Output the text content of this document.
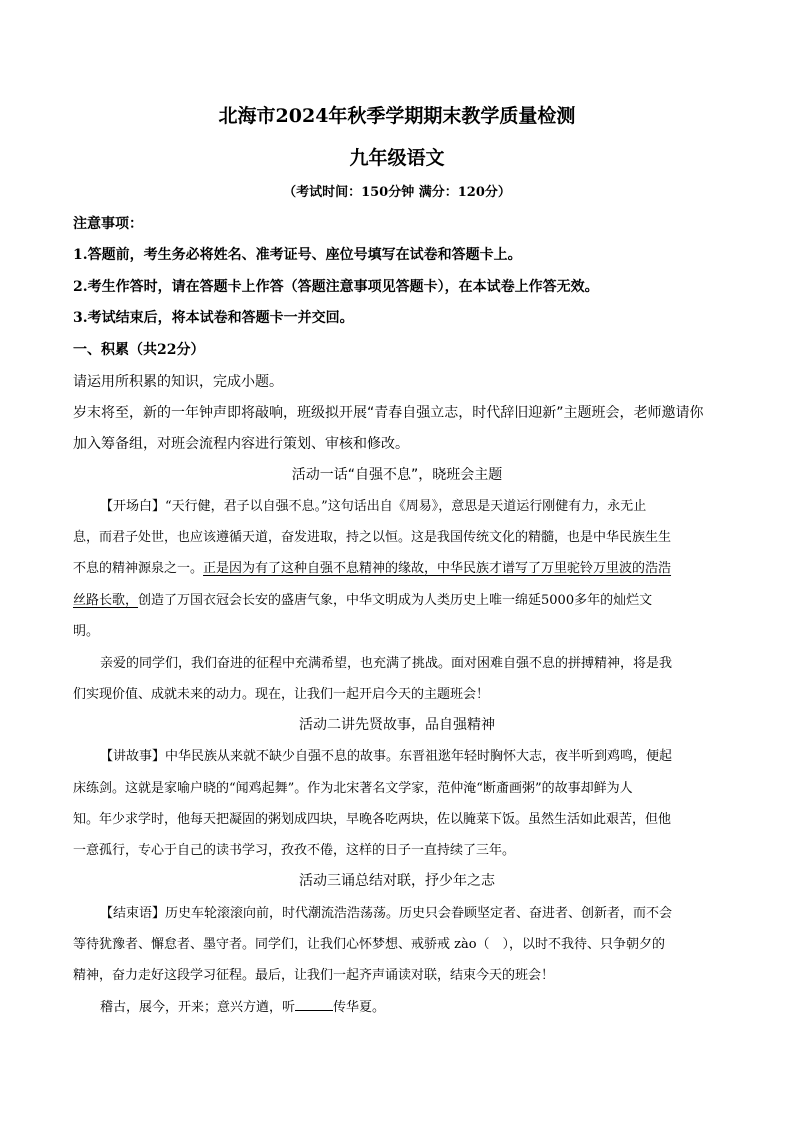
北海市2024年秋季学期期末教学质量检测
九年级语文
（考试时间：150分钟 满分：120分）
注意事项：
1.答题前，考生务必将姓名、准考证号、座位号填写在试卷和答题卡上。
2.考生作答时，请在答题卡上作答（答题注意事项见答题卡），在本试卷上作答无效。
3.考试结束后，将本试卷和答题卡一并交回。
一、积累（共22分）
请运用所积累的知识，完成小题。
岁末将至，新的一年钟声即将敲响，班级拟开展“青春自强立志，时代辞旧迎新”主题班会，老师邀请你
加入筹备组，对班会流程内容进行策划、审核和修改。
活动一话“自强不息”，晓班会主题
【开场白】“天行健，君子以自强不息。”这句话出自《周易》，意思是天道运行刚健有力，永无止
息，而君子处世，也应该遵循天道，奋发进取，持之以恒。这是我国传统文化的精髓，也是中华民族生生
不息的精神源泉之一。正是因为有了这种自强不息精神的缘故，中华民族才谱写了万里驼铃万里波的浩浩
丝路长歌，创造了万国衣冠会长安的盛唐气象，中华文明成为人类历史上唯一绵延5000多年的灿烂文
明。
亲爱的同学们，我们奋进的征程中充满希望，也充满了挑战。面对困难自强不息的拼搏精神，将是我
们实现价值、成就未来的动力。现在，让我们一起开启今天的主题班会！
活动二讲先贤故事，品自强精神
【讲故事】中华民族从来就不缺少自强不息的故事。东晋祖逖年轻时胸怀大志，夜半听到鸡鸣，便起
床练剑。这就是家喻户晓的“闻鸡起舞”。作为北宋著名文学家，范仲淹“断齑画粥”的故事却鲜为人
知。年少求学时，他每天把凝固的粥划成四块，早晚各吃两块，佐以腌菜下饭。虽然生活如此艰苦，但他
一意孤行，专心于自己的读书学习，孜孜不倦，这样的日子一直持续了三年。
活动三诵总结对联，抒少年之志
【结束语】历史车轮滚滚向前，时代潮流浩浩荡荡。历史只会眷顾坚定者、奋进者、创新者，而不会
等待犹豫者、懈怠者、墨守者。同学们，让我们心怀梦想、戒骄戒 zào（　），以时不我待、只争朝夕的
精神，奋力走好这段学习征程。最后，让我们一起齐声诵读对联，结束今天的班会！
稽古，展今，开来；意兴方遒，听	传华夏。
